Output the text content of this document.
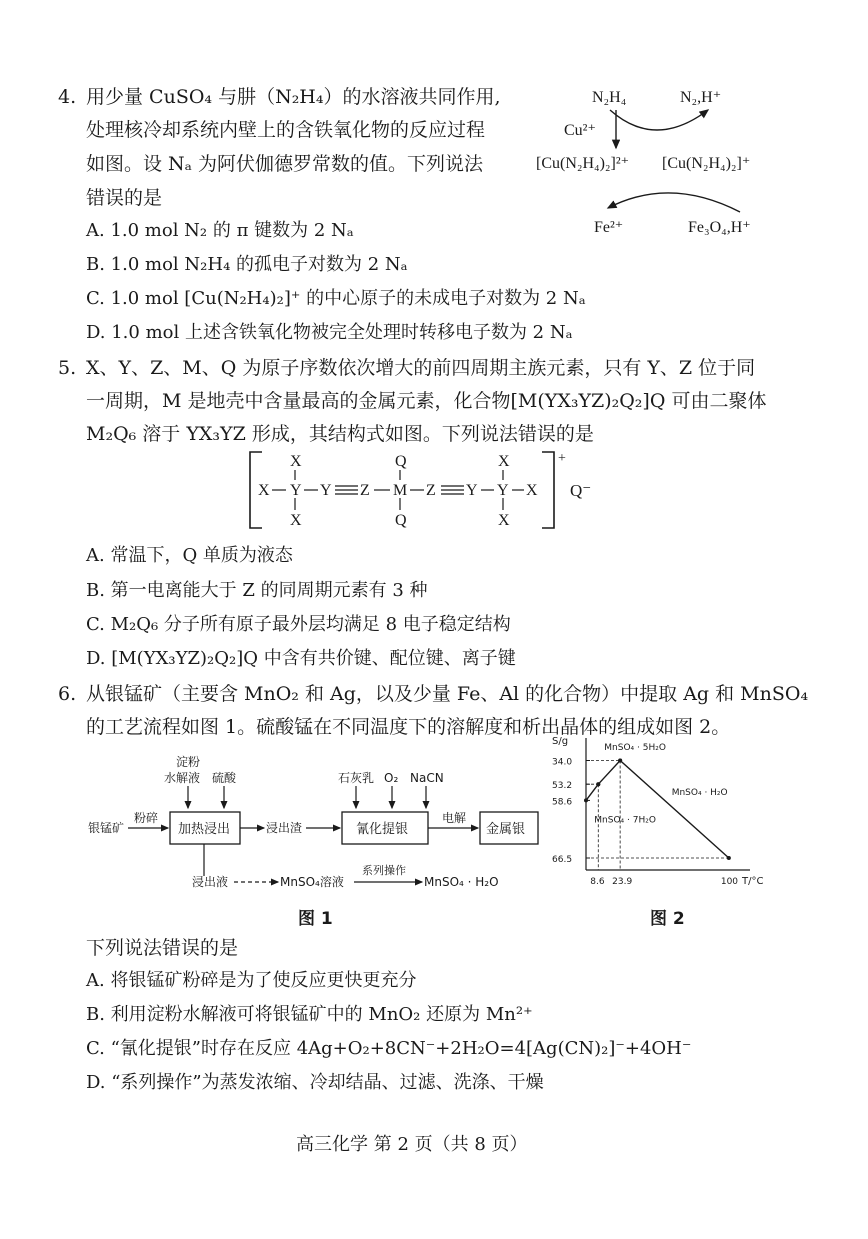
4. 用少量 CuSO₄ 与肼（N₂H₄）的水溶液共同作用,
处理核冷却系统内壁上的含铁氧化物的反应过程
如图。设 Nₐ 为阿伏伽德罗常数的值。下列说法
错误的是
A. 1.0 mol N₂ 的 π 键数为 2 Nₐ
B. 1.0 mol N₂H₄ 的孤电子对数为 2 Nₐ
C. 1.0 mol [Cu(N₂H₄)₂]⁺ 的中心原子的未成电子对数为 2 Nₐ
D. 1.0 mol 上述含铁氧化物被完全处理时转移电子数为 2 Nₐ
N₂H₄	N₂,H⁺
Cu²⁺
[Cu(N₂H₄)₂]²⁺ [Cu(N₂H₄)₂]⁺
Fe²⁺	Fe₃O₄,H⁺
5. X、Y、Z、M、Q 为原子序数依次增大的前四周期主族元素，只有 Y、Z 位于同
一周期，M 是地壳中含量最高的金属元素，化合物[M(YX₃YZ)₂Q₂]Q 可由二聚体
M₂Q₆ 溶于 YX₃YZ 形成，其结构式如图。下列说法错误的是
+
Q⁻
X	Q	X
X Y Y Z M Z Y Y X
X	Q	X
A. 常温下，Q 单质为液态
B. 第一电离能大于 Z 的同周期元素有 3 种
C. M₂Q₆ 分子所有原子最外层均满足 8 电子稳定结构
D. [M(YX₃YZ)₂Q₂]Q 中含有共价键、配位键、离子键
6. 从银锰矿（主要含 MnO₂ 和 Ag，以及少量 Fe、Al 的化合物）中提取 Ag 和 MnSO₄
的工艺流程如图 1。硫酸锰在不同温度下的溶解度和析出晶体的组成如图 2。
淀粉
水解液 硫酸	石灰乳 O₂ NaCN
银锰矿
粉碎
加热浸出	浸出渣	氰化提银
电解
金属银
浸出液	MnSO₄溶液
系列操作
MnSO₄ · H₂O
图 1
S/g
T/°C
66.5
58.6
53.2
34.0
8.6 23.9	100
MnSO₄ · 5H₂O
MnSO₄ · 7H₂O
MnSO₄ · H₂O
图 2
下列说法错误的是
A. 将银锰矿粉碎是为了使反应更快更充分
B. 利用淀粉水解液可将银锰矿中的 MnO₂ 还原为 Mn²⁺
C. “氰化提银”时存在反应 4Ag+O₂+8CN⁻+2H₂O=4[Ag(CN)₂]⁻+4OH⁻
D. “系列操作”为蒸发浓缩、冷却结晶、过滤、洗涤、干燥
高三化学 第 2 页（共 8 页）
